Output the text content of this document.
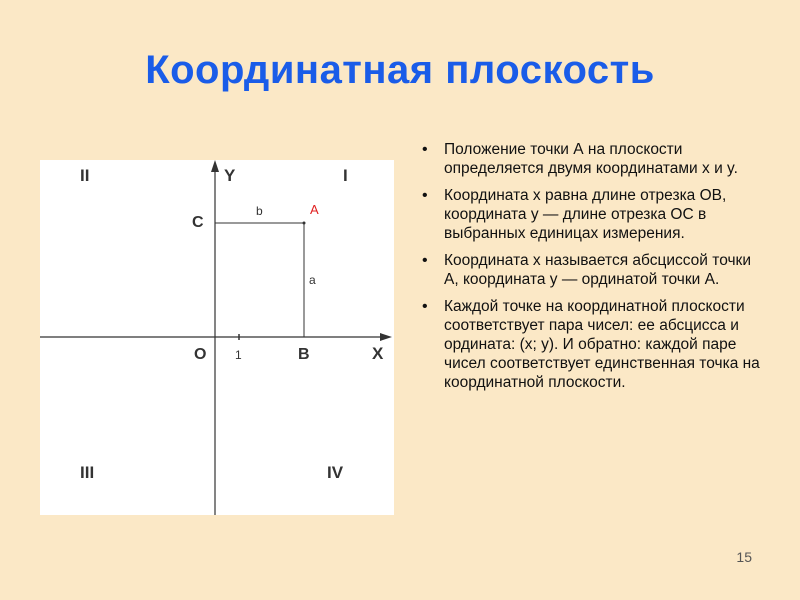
Координатная плоскость
II	I
III	IV
Y
X
C
O	B
A
b
a
1
• Положение точки А на плоскости определяется двумя координатами x и y.
• Координата x равна длине отрезка ОВ, координата y — длине отрезка ОС в выбранных единицах измерения.
• Координата x называется абсциссой точки А, координата y — ординатой точки А.
• Каждой точке на координатной плоскости соответствует пара чисел: ее абсцисса и ордината: (x; y). И обратно: каждой паре чисел соответствует единственная точка на координатной плоскости.
15
